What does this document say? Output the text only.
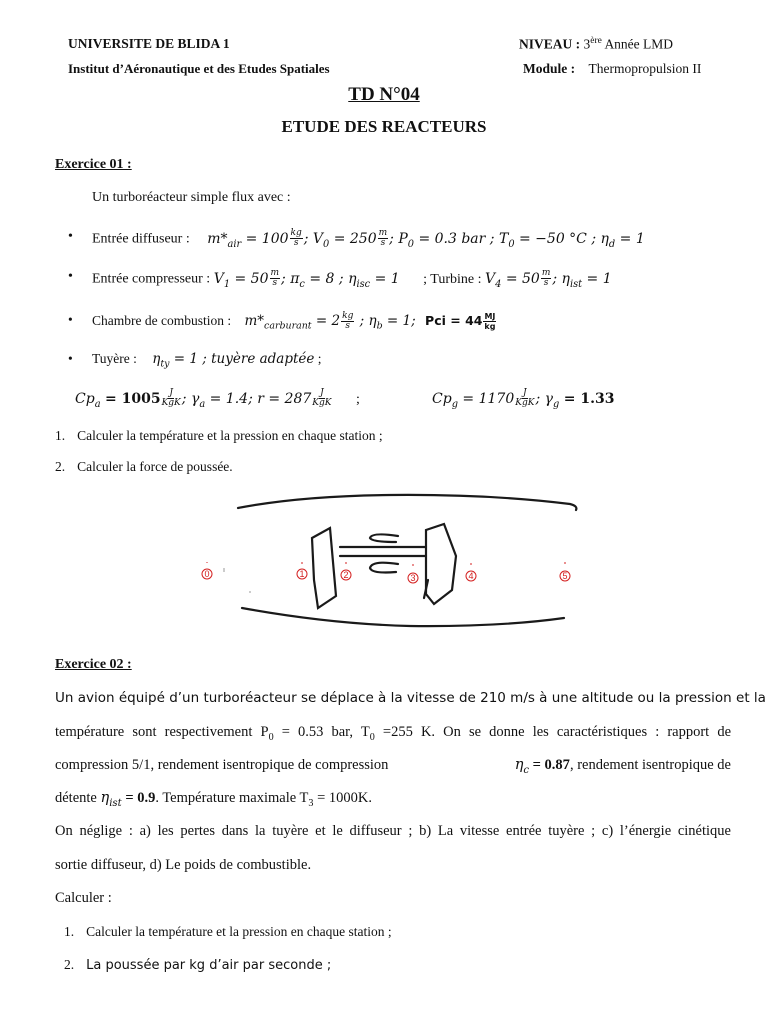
UNIVERSITE DE BLIDA 1	NIVEAU : 3ère Année LMD
Institut d’Aéronautique et des Etudes Spatiales	Module : Thermopropulsion II
TD N°04
ETUDE DES REACTEURS
Exercice 01 :
Un turboréacteur simple flux avec :
• Entrée diffuseur : $m*_{air} = 100 \frac{kg}{s}$ ; $V_0 = 250 \frac{m}{s}$ ; $P_0 = 0.3$ bar ; $T_0 = -50$ °C ; $\eta_d = 1$
• Entrée compresseur : $V_1 = 50 \frac{m}{s}$ ; $\pi_c = 8$ ; $\eta_{isc} = 1$ ; Turbine : $V_4 = 50 \frac{m}{s}$ ; $\eta_{ist} = 1$
• Chambre de combustion : $m*_{carburant} = 2 \frac{kg}{s}$ ; $\eta_b = 1$; Pci = $44 \frac{MJ}{kg}$
• Tuyère : $\eta_{ty} = 1$ ; tuyère adaptée ;
$Cp_a = 1005 \frac{J}{\text{KgK}}$ ; $\gamma_a = 1.4$; $r = 287 \frac{J}{\text{KgK}}$ ;	$Cp_g = 1170 \frac{J}{\text{KgK}}$ ; $\gamma_g = 1.33$
1. Calculer la température et la pression en chaque station ;
2. Calculer la force de poussée.
0	1	2	3	4	5
Exercice 02 :
Un avion équipé d’un turboréacteur se déplace à la vitesse de 210 m/s à une altitude ou la pression et la
température sont respectivement $P_0 = 0.53$ bar, $T_0 =255$ K. On se donne les caractéristiques : rapport de
compression 5/1, rendement isentropique de compression	$\eta_c = 0.87$, rendement isentropique de
détente $\eta_{ist} = 0.9$. Température maximale $T_3 = 1000K$.
On néglige : a) les pertes dans la tuyère et le diffuseur ; b) La vitesse entrée tuyère ; c) l’énergie cinétique
sortie diffuseur, d) Le poids de combustible.
Calculer :
1. Calculer la température et la pression en chaque station ;
2. La poussée par kg d’air par seconde ;
